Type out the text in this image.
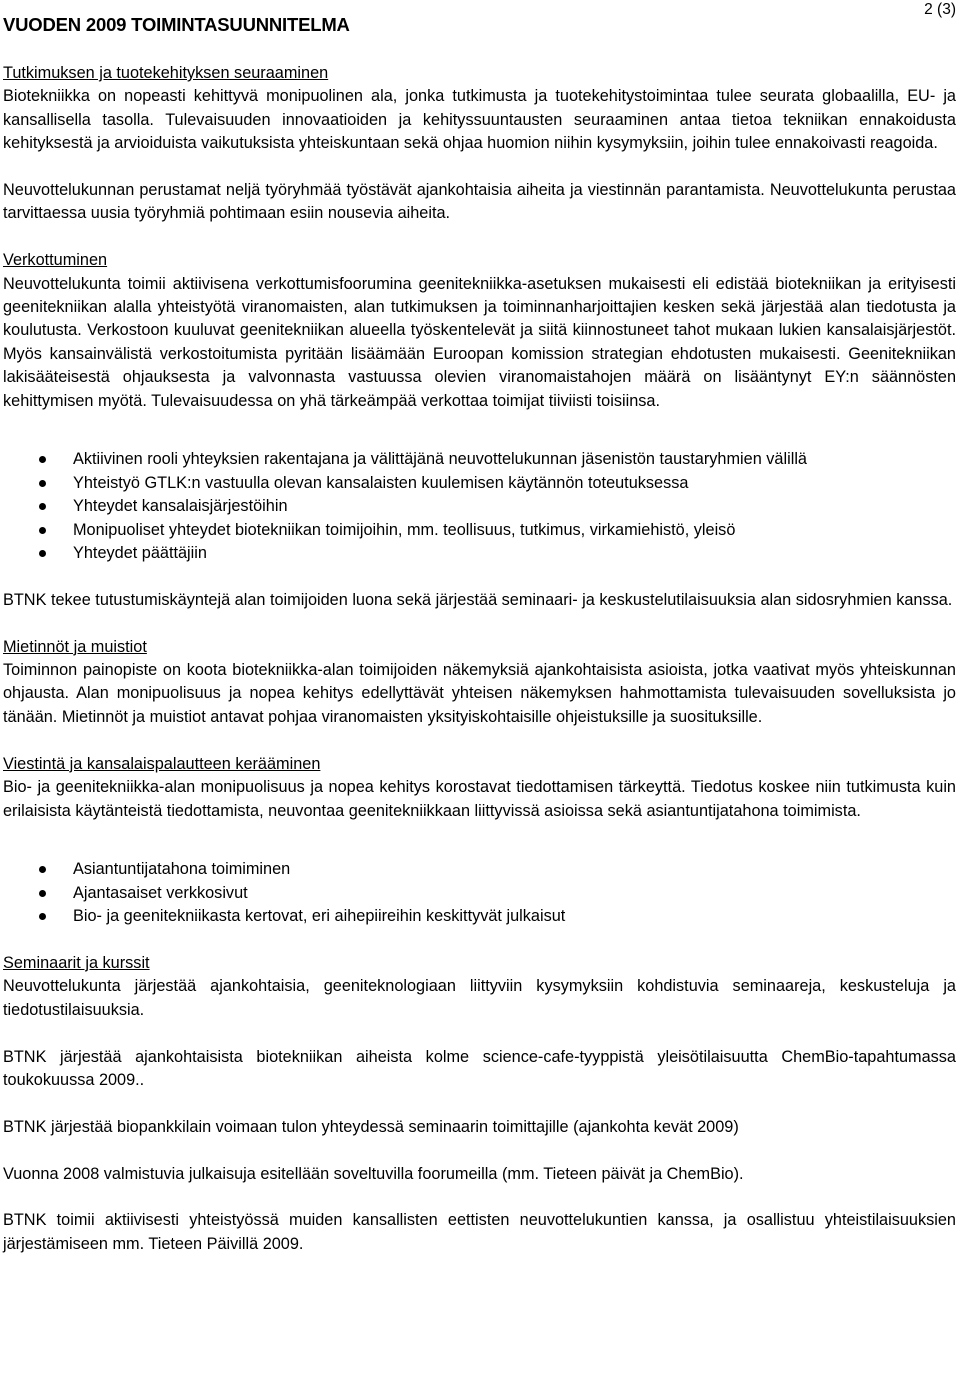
VUODEN 2009 TOIMINTASUUNNITELMA
2 (3)
Tutkimuksen ja tuotekehityksen seuraaminen

Biotekniikka on nopeasti kehittyvä monipuolinen ala, jonka tutkimusta ja tuotekehitystoimintaa tulee seurata globaalilla, EU- ja kansallisella tasolla. Tulevaisuuden innovaatioiden ja kehityssuuntausten seuraaminen antaa tietoa tekniikan ennakoidusta kehityksestä ja arvioiduista vaikutuksista yhteiskuntaan sekä ohjaa huomion niihin kysymyksiin, joihin tulee ennakoivasti reagoida.

Neuvottelukunnan perustamat neljä työryhmää työstävät ajankohtaisia aiheita ja viestinnän parantamista. Neuvottelukunta perustaa tarvittaessa uusia työryhmiä pohtimaan esiin nousevia aiheita.

Verkottuminen

Neuvottelukunta toimii aktiivisena verkottumisfoorumina geenitekniikka-asetuksen mukaisesti eli edistää biotekniikan ja erityisesti geenitekniikan alalla yhteistyötä viranomaisten, alan tutkimuksen ja toiminnanharjoittajien kesken sekä järjestää alan tiedotusta ja koulutusta. Verkostoon kuuluvat geenitekniikan alueella työskentelevät ja siitä kiinnostuneet tahot mukaan lukien kansalaisjärjestöt. Myös kansainvälistä verkostoitumista pyritään lisäämään Euroopan komission strategian ehdotusten mukaisesti. Geenitekniikan lakisääteisestä ohjauksesta ja valvonnasta vastuussa olevien viranomaistahojen määrä on lisääntynyt EY:n säännösten kehittymisen myötä. Tulevaisuudessa on yhä tärkeämpää verkottaa toimijat tiiviisti toisiinsa.

Aktiivinen rooli yhteyksien rakentajana ja välittäjänä neuvottelukunnan jäsenistön taustaryhmien välillä
Yhteistyö GTLK:n vastuulla olevan kansalaisten kuulemisen käytännön toteutuksessa
Yhteydet kansalaisjärjestöihin
Monipuoliset yhteydet biotekniikan toimijoihin, mm. teollisuus, tutkimus, virkamiehistö, yleisö
Yhteydet päättäjiin

BTNK tekee tutustumiskäyntejä alan toimijoiden luona sekä järjestää seminaari- ja keskustelutilaisuuksia alan sidosryhmien kanssa.

Mietinnöt ja muistiot

Toiminnon painopiste on koota biotekniikka-alan toimijoiden näkemyksiä ajankohtaisista asioista, jotka vaativat myös yhteiskunnan ohjausta. Alan monipuolisuus ja nopea kehitys edellyttävät yhteisen näkemyksen hahmottamista tulevaisuuden sovelluksista jo tänään. Mietinnöt ja muistiot antavat pohjaa viranomaisten yksityiskohtaisille ohjeistuksille ja suosituksille.

Viestintä ja kansalaispalautteen kerääminen

Bio- ja geenitekniikka-alan monipuolisuus ja nopea kehitys korostavat tiedottamisen tärkeyttä. Tiedotus koskee niin tutkimusta kuin erilaisista käytänteistä tiedottamista, neuvontaa geenitekniikkaan liittyvissä asioissa sekä asiantuntijatahona toimimista.

Asiantuntijatahona toimiminen
Ajantasaiset verkkosivut
Bio- ja geenitekniikasta kertovat, eri aihepiireihin keskittyvät julkaisut
Seminaarit ja kurssit

Neuvottelukunta järjestää ajankohtaisia, geeniteknologiaan liittyviin kysymyksiin kohdistuvia seminaareja, keskusteluja ja tiedotustilaisuuksia.

BTNK järjestää ajankohtaisista biotekniikan aiheista kolme science-cafe-tyyppistä yleisötilaisuutta ChemBio-tapahtumassa toukokuussa 2009..

BTNK järjestää biopankkilain voimaan tulon yhteydessä seminaarin toimittajille (ajankohta kevät 2009)

Vuonna 2008 valmistuvia julkaisuja esitellään soveltuvilla foorumeilla (mm. Tieteen päivät ja ChemBio).

BTNK toimii aktiivisesti yhteistyössä muiden kansallisten eettisten neuvottelukuntien kanssa, ja osallistuu yhteistilaisuuksien järjestämiseen mm. Tieteen Päivillä 2009.
